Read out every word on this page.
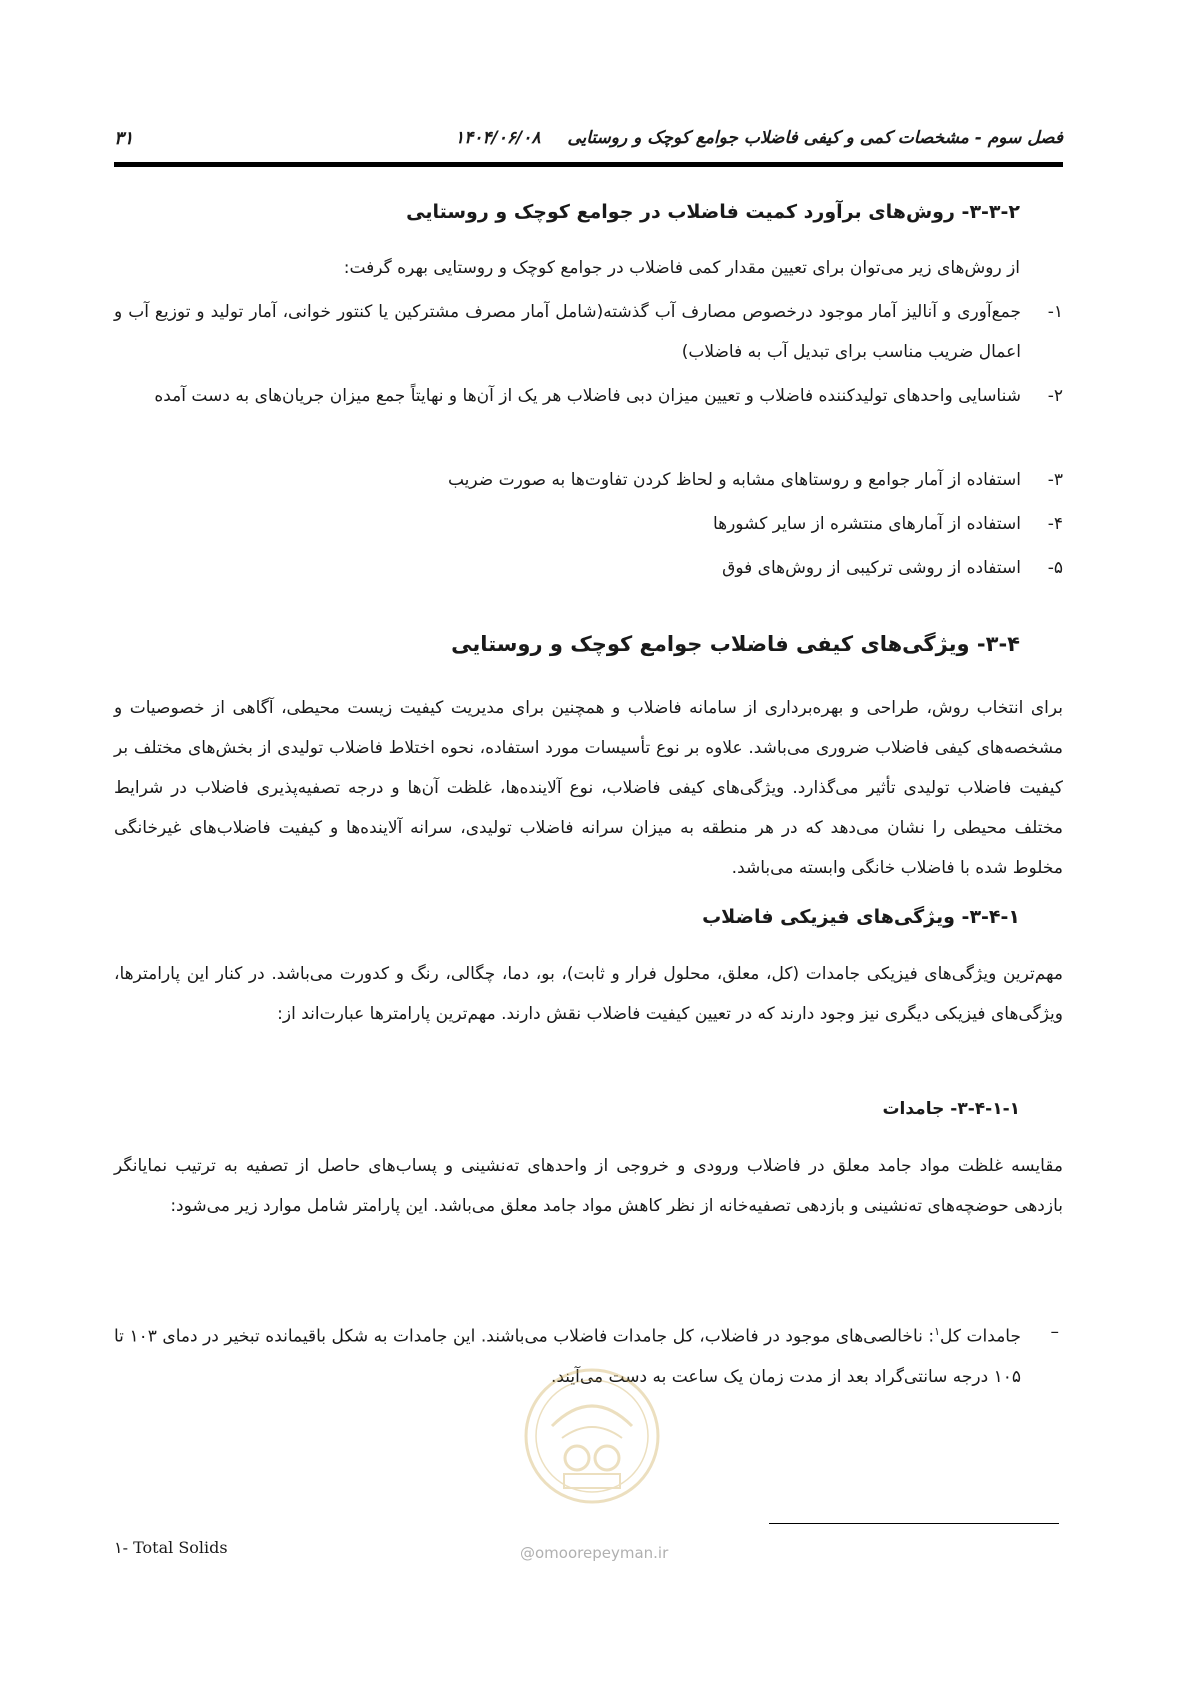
فصل سوم - مشخصات کمی و کیفی فاضلاب جوامع کوچک و روستایی
۱۴۰۴/۰۶/۰۸
۳۱
۳-۳-۲- روش‌های برآورد کمیت فاضلاب در جوامع کوچک و روستایی
از روش‌های زیر می‌توان برای تعیین مقدار کمی فاضلاب در جوامع کوچک و روستایی بهره گرفت:
۱-
جمع‌آوری و آنالیز آمار موجود درخصوص مصارف آب گذشته(شامل آمار مصرف مشترکین یا کنتور خوانی، آمار تولید و توزیع آب و اعمال ضریب مناسب برای تبدیل آب به فاضلاب)
۲-
شناسایی واحدهای تولیدکننده فاضلاب و تعیین میزان دبی فاضلاب هر یک از آن‌ها و نهایتاً جمع میزان جریان‌های به دست آمده
۳-
استفاده از آمار جوامع و روستاهای مشابه و لحاظ کردن تفاوت‌ها به صورت ضریب
۴-
استفاده از آمارهای منتشره از سایر کشورها
۵-
استفاده از روشی ترکیبی از روش‌های فوق
۳-۴- ویژگی‌های کیفی فاضلاب جوامع کوچک و روستایی
برای انتخاب روش، طراحی و بهره‌برداری از سامانه فاضلاب و همچنین برای مدیریت کیفیت زیست محیطی، آگاهی از خصوصیات و مشخصه‌های کیفی فاضلاب ضروری می‌باشد. علاوه بر نوع تأسیسات مورد استفاده، نحوه اختلاط فاضلاب تولیدی از بخش‌های مختلف بر کیفیت فاضلاب تولیدی تأثیر می‌گذارد. ویژگی‌های کیفی فاضلاب، نوع آلاینده‌ها، غلظت آن‌ها و درجه تصفیه‌پذیری فاضلاب در شرایط مختلف محیطی را نشان می‌دهد که در هر منطقه به میزان سرانه فاضلاب تولیدی، سرانه آلاینده‌ها و کیفیت فاضلاب‌های غیرخانگی مخلوط شده با فاضلاب خانگی وابسته می‌باشد.
۳-۴-۱- ویژگی‌های فیزیکی فاضلاب
مهم‌ترین ویژگی‌های فیزیکی جامدات (کل، معلق، محلول فرار و ثابت)، بو، دما، چگالی، رنگ و کدورت می‌باشد. در کنار این پارامترها، ویژگی‌های فیزیکی دیگری نیز وجود دارند که در تعیین کیفیت فاضلاب نقش دارند. مهم‌ترین پارامترها عبارت‌اند از:
۳-۴-۱-۱- جامدات
مقایسه غلظت مواد جامد معلق در فاضلاب ورودی و خروجی از واحدهای ته‌نشینی و پساب‌های حاصل از تصفیه به ترتیب نمایانگر بازدهی حوضچه‌های ته‌نشینی و بازدهی تصفیه‌خانه از نظر کاهش مواد جامد معلق می‌باشد. این پارامتر شامل موارد زیر می‌شود:
–
جامدات کل$^۱$: ناخالصی‌های موجود در فاضلاب، کل جامدات فاضلاب می‌باشند. این جامدات به شکل باقیمانده تبخیر در دمای ۱۰۳ تا ۱۰۵ درجه سانتی‌گراد بعد از مدت زمان یک ساعت به دست می‌آیند.
@omoorepeyman.ir
۱- Total Solids
